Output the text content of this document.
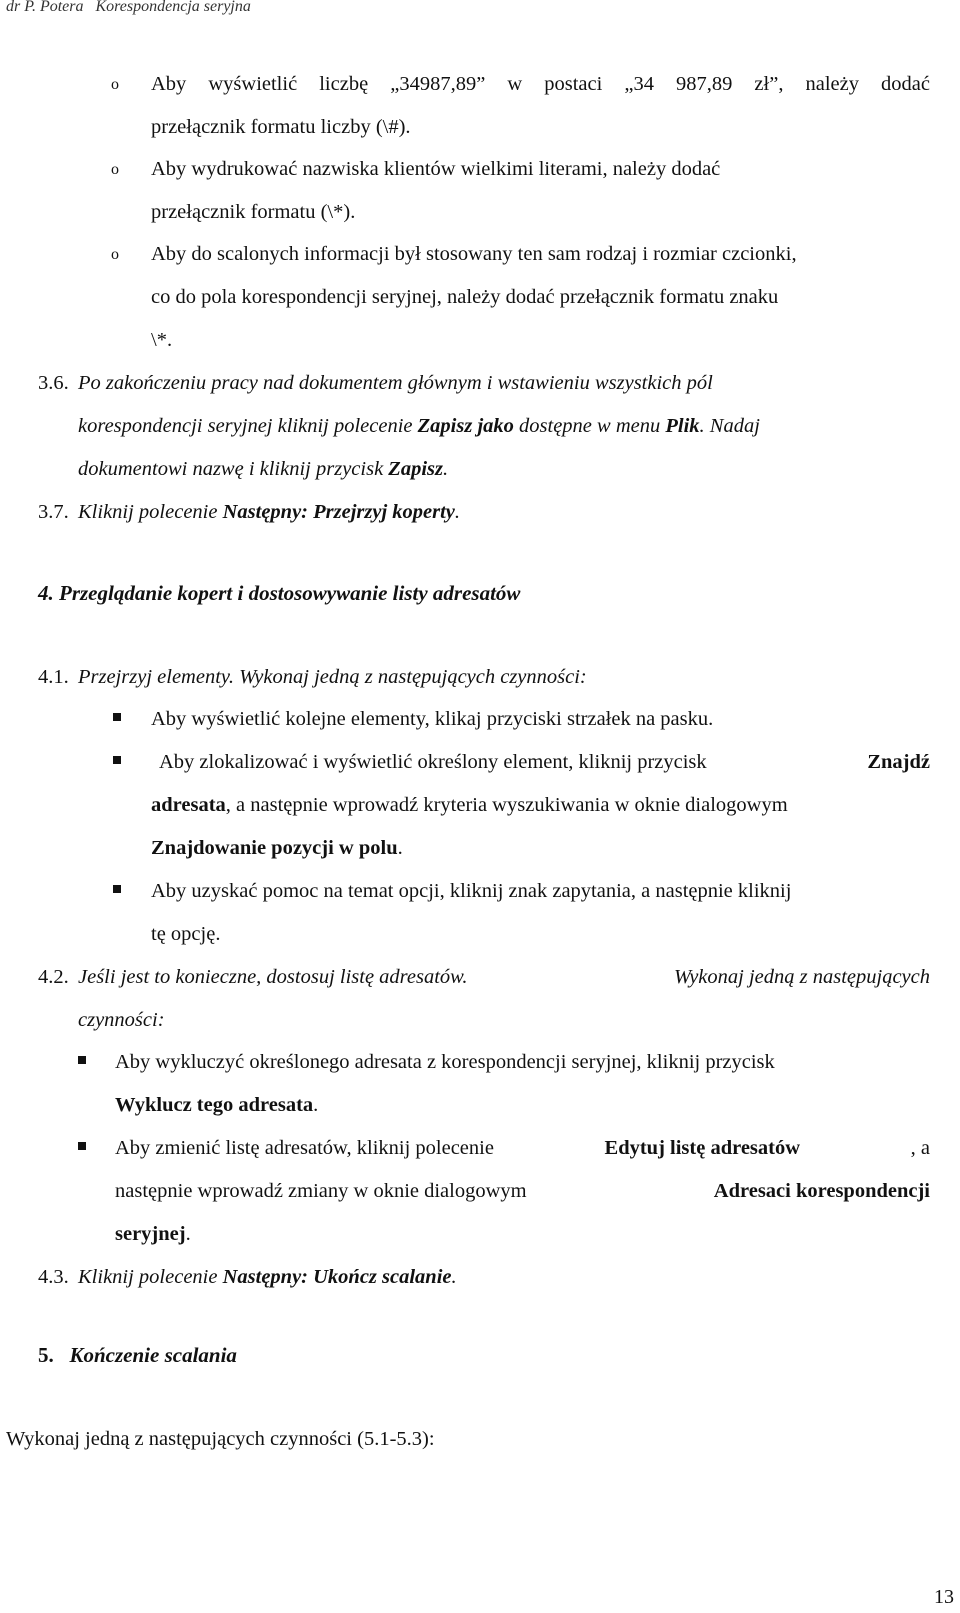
dr P. Potera Korespondencja seryjna
o Aby wyświetlić liczbę „34987,89” w postaci „34 987,89 zł”, należy dodać
przełącznik formatu liczby (\#).
o Aby wydrukować nazwiska klientów wielkimi literami, należy dodać
przełącznik formatu (\*).
o Aby do scalonych informacji był stosowany ten sam rodzaj i rozmiar czcionki,
co do pola korespondencji seryjnej, należy dodać przełącznik formatu znaku
\*.
3.6. Po zakończeniu pracy nad dokumentem głównym i wstawieniu wszystkich pól
korespondencji seryjnej kliknij polecenie Zapisz jako dostępne w menu Plik. Nadaj
dokumentowi nazwę i kliknij przycisk Zapisz.
3.7. Kliknij polecenie Następny: Przejrzyj koperty.
4. Przeglądanie kopert i dostosowywanie listy adresatów
4.1. Przejrzyj elementy. Wykonaj jedną z następujących czynności:
Aby wyświetlić kolejne elementy, klikaj przyciski strzałek na pasku.
Aby zlokalizować i wyświetlić określony element, kliknij przycisk	Znajdź
adresata, a następnie wprowadź kryteria wyszukiwania w oknie dialogowym
Znajdowanie pozycji w polu.
Aby uzyskać pomoc na temat opcji, kliknij znak zapytania, a następnie kliknij
tę opcję.
4.2. Jeśli jest to konieczne, dostosuj listę adresatów.	Wykonaj jedną z następujących
czynności:
Aby wykluczyć określonego adresata z korespondencji seryjnej, kliknij przycisk
Wyklucz tego adresata.
Aby zmienić listę adresatów, kliknij polecenie	Edytuj listę adresatów	, a
następnie wprowadź zmiany w oknie dialogowym	Adresaci korespondencji
seryjnej.
4.3. Kliknij polecenie Następny: Ukończ scalanie.
5. Kończenie scalania
Wykonaj jedną z następujących czynności (5.1-5.3):
13
